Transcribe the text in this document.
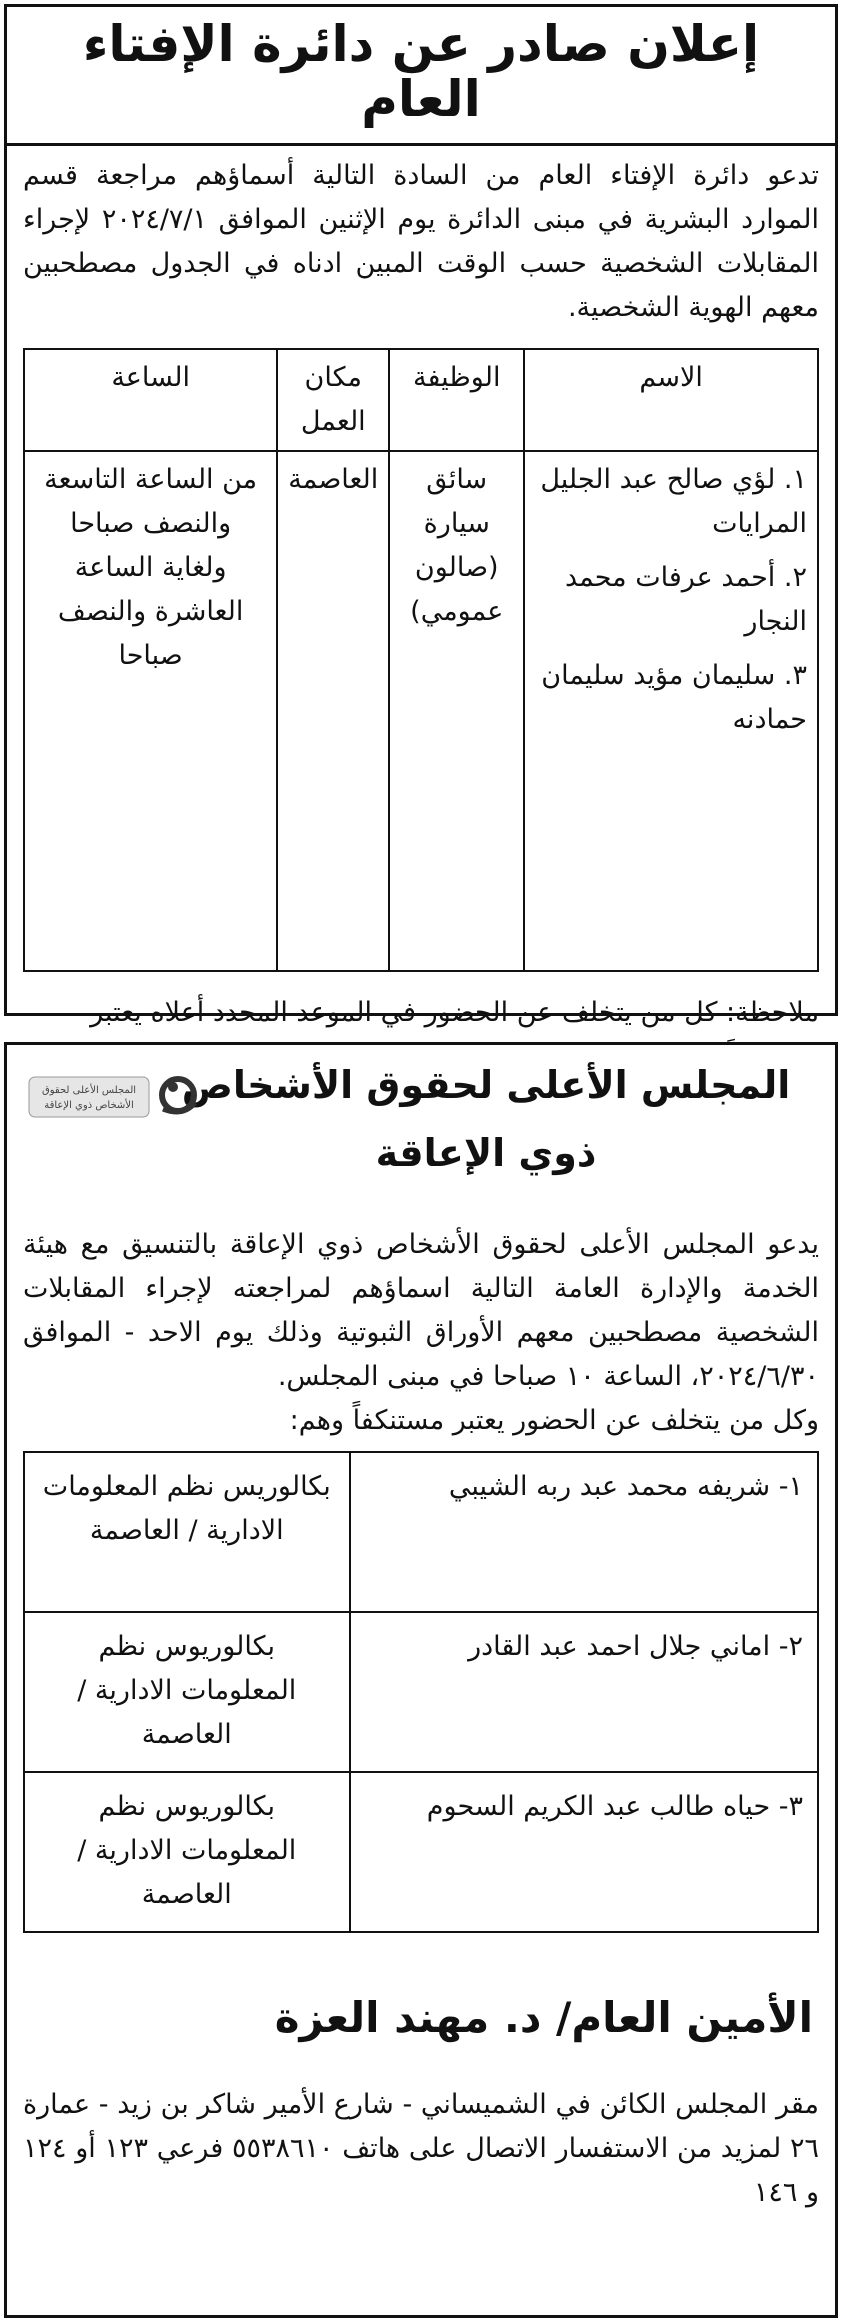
إعلان صادر عن دائرة الإفتاء العام

تدعو دائرة الإفتاء العام من السادة التالية أسماؤهم مراجعة قسم الموارد البشرية في مبنى الدائرة يوم الإثنين الموافق ٢٠٢٤/٧/١ لإجراء المقابلات الشخصية حسب الوقت المبين ادناه في الجدول مصطحبين معهم الهوية الشخصية.

الاسم	الوظيفة	مكان العمل	الساعة

١. لؤي صالح عبد الجليل المرايات
٢. أحمد عرفات محمد النجار
٣. سليمان مؤيد سليمان حمادنه	سائق سيارة (صالون عمومي)	العاصمة	من الساعة التاسعة والنصف صباحا ولغاية الساعة العاشرة والنصف صباحا
ملاحظة: كل من يتخلف عن الحضور في الموعد المحدد أعلاه يعتبر
المجلس الأعلى لحقوق الأشخاص
ذوي الإعاقة
المجلس الأعلى لحقوق
الأشخاص ذوي الإعاقة

يدعو المجلس الأعلى لحقوق الأشخاص ذوي الإعاقة بالتنسيق مع هيئة الخدمة والإدارة العامة التالية اسماؤهم لمراجعته لإجراء المقابلات الشخصية مصطحبين معهم الأوراق الثبوتية وذلك يوم الاحد - الموافق ٢٠٢٤/٦/٣٠، الساعة ١٠ صباحا في مبنى المجلس.

وكل من يتخلف عن الحضور يعتبر مستنكفاً وهم:

١- شريفه محمد عبد ربه الشيبي	بكالوريس نظم المعلومات الادارية / العاصمة
٢- اماني جلال احمد عبد القادر	بكالوريوس نظم المعلومات الادارية / العاصمة
٣- حياه طالب عبد الكريم السحوم	بكالوريوس نظم المعلومات الادارية / العاصمة
الأمين العام/ د. مهند العزة
مقر المجلس الكائن في الشميساني - شارع الأمير شاكر بن زيد - عمارة ٢٦ لمزيد من الاستفسار الاتصال على هاتف ٥٥٣٨٦١٠ فرعي ١٢٣ أو ١٢٤ و ١٤٦
